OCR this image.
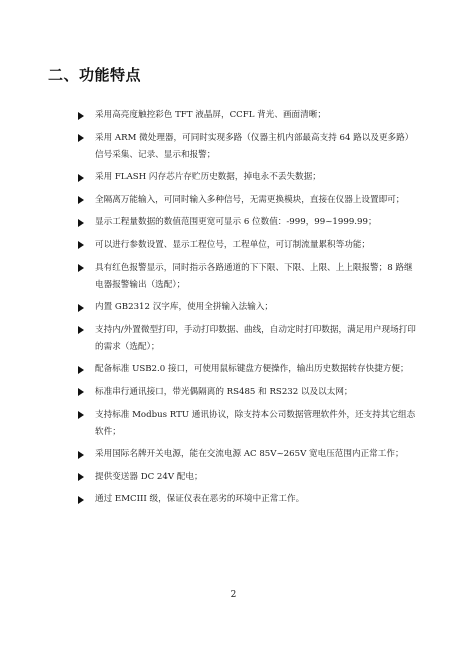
二、功能特点
采用高亮度触控彩色 TFT 液晶屏，CCFL 背光、画面清晰；
采用 ARM 微处理器，可同时实现多路（仪器主机内部最高支持 64 路以及更多路）信号采集、记录、显示和报警；
采用 FLASH 闪存芯片存贮历史数据，掉电永不丢失数据；
全隔离万能输入，可同时输入多种信号，无需更换模块，直接在仪器上设置即可；
显示工程量数据的数值范围更宽可显示 6 位数值：-999，99~1999.99；
可以进行参数设置、显示工程位号，工程单位，可订制流量累积等功能；
具有红色报警显示，同时指示各路通道的下下限、下限、上限、上上限报警；8 路继电器报警输出（选配）；
内置 GB2312 汉字库，使用全拼输入法输入；
支持内/外置微型打印，手动打印数据、曲线，自动定时打印数据，满足用户现场打印的需求（选配）；
配备标准 USB2.0 接口，可使用鼠标键盘方便操作，输出历史数据转存快捷方便；
标准串行通讯接口，带光偶隔离的 RS485 和 RS232 以及以太网；
支持标准 Modbus RTU 通讯协议，除支持本公司数据管理软件外，还支持其它组态软件；
采用国际名牌开关电源，能在交流电源 AC 85V~265V 宽电压范围内正常工作；
提供变送器 DC 24V 配电；
通过 EMCIII 级，保证仪表在恶劣的环境中正常工作。
2
